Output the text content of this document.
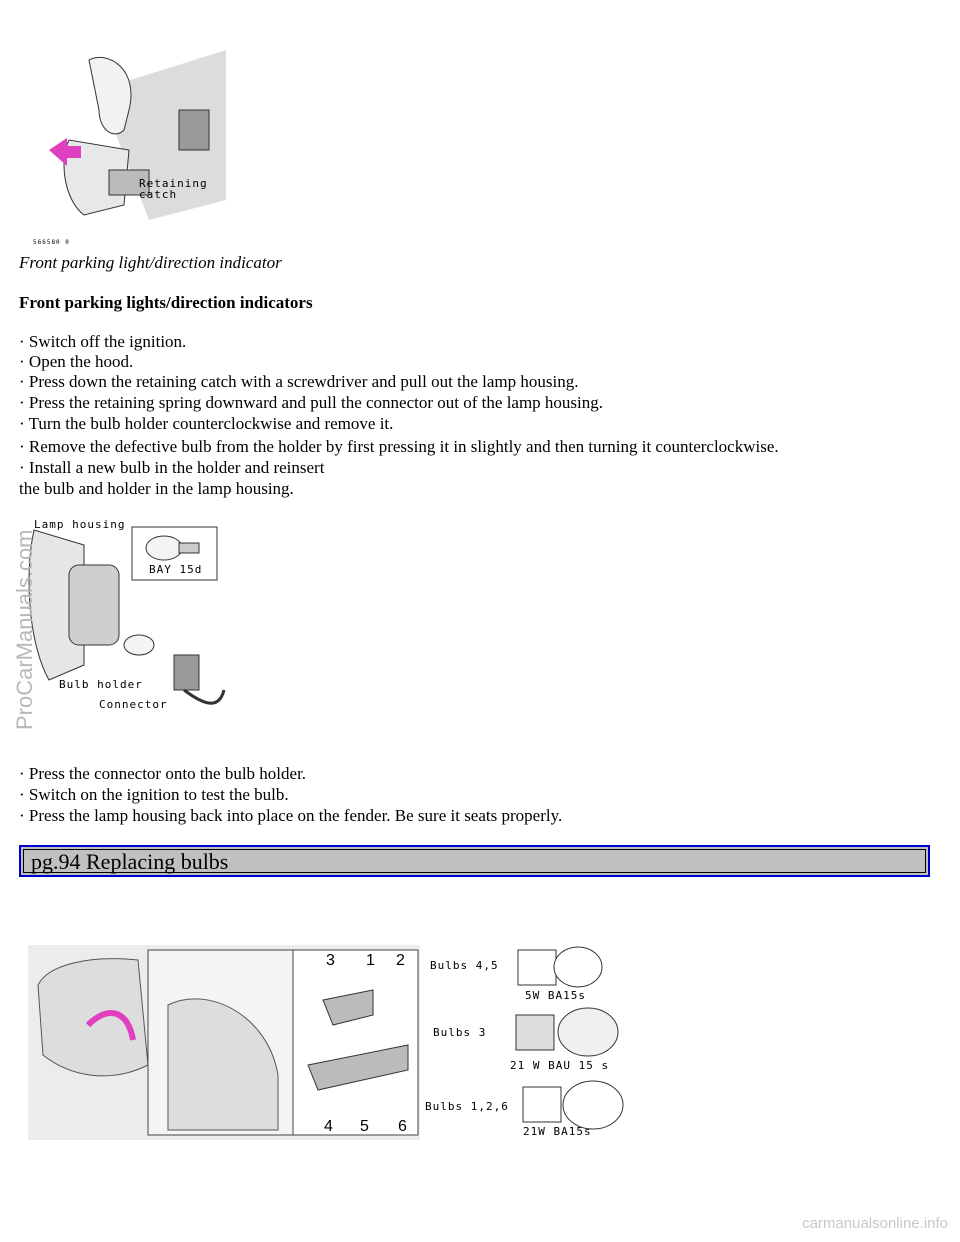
Retaining
catch
566580 0
Front parking light/direction indicator
Front parking lights/direction indicators
· Switch off the ignition.
· Open the hood.
· Press down the retaining catch with a screwdriver and pull out the lamp housing.
· Press the retaining spring downward and pull the connector out of the lamp housing.
· Turn the bulb holder counterclockwise and remove it.
· Remove the defective bulb from the holder by first pressing it in slightly and then turning it counterclockwise.
· Install a new bulb in the holder and reinsert
the bulb and holder in the lamp housing.
Lamp housing
BAY 15d
Bulb holder
Connector
· Press the connector onto the bulb holder.
· Switch on the ignition to test the bulb.
· Press the lamp housing back into place on the fender. Be sure it seats properly.
pg.94 Replacing bulbs
3 1 2
4 5 6
Bulbs 4,5
5W BA15s
Bulbs 3
21 W BAU 15 s
Bulbs 1,2,6
21W BA15s
ProCarManuals.com
carmanualsonline.info
